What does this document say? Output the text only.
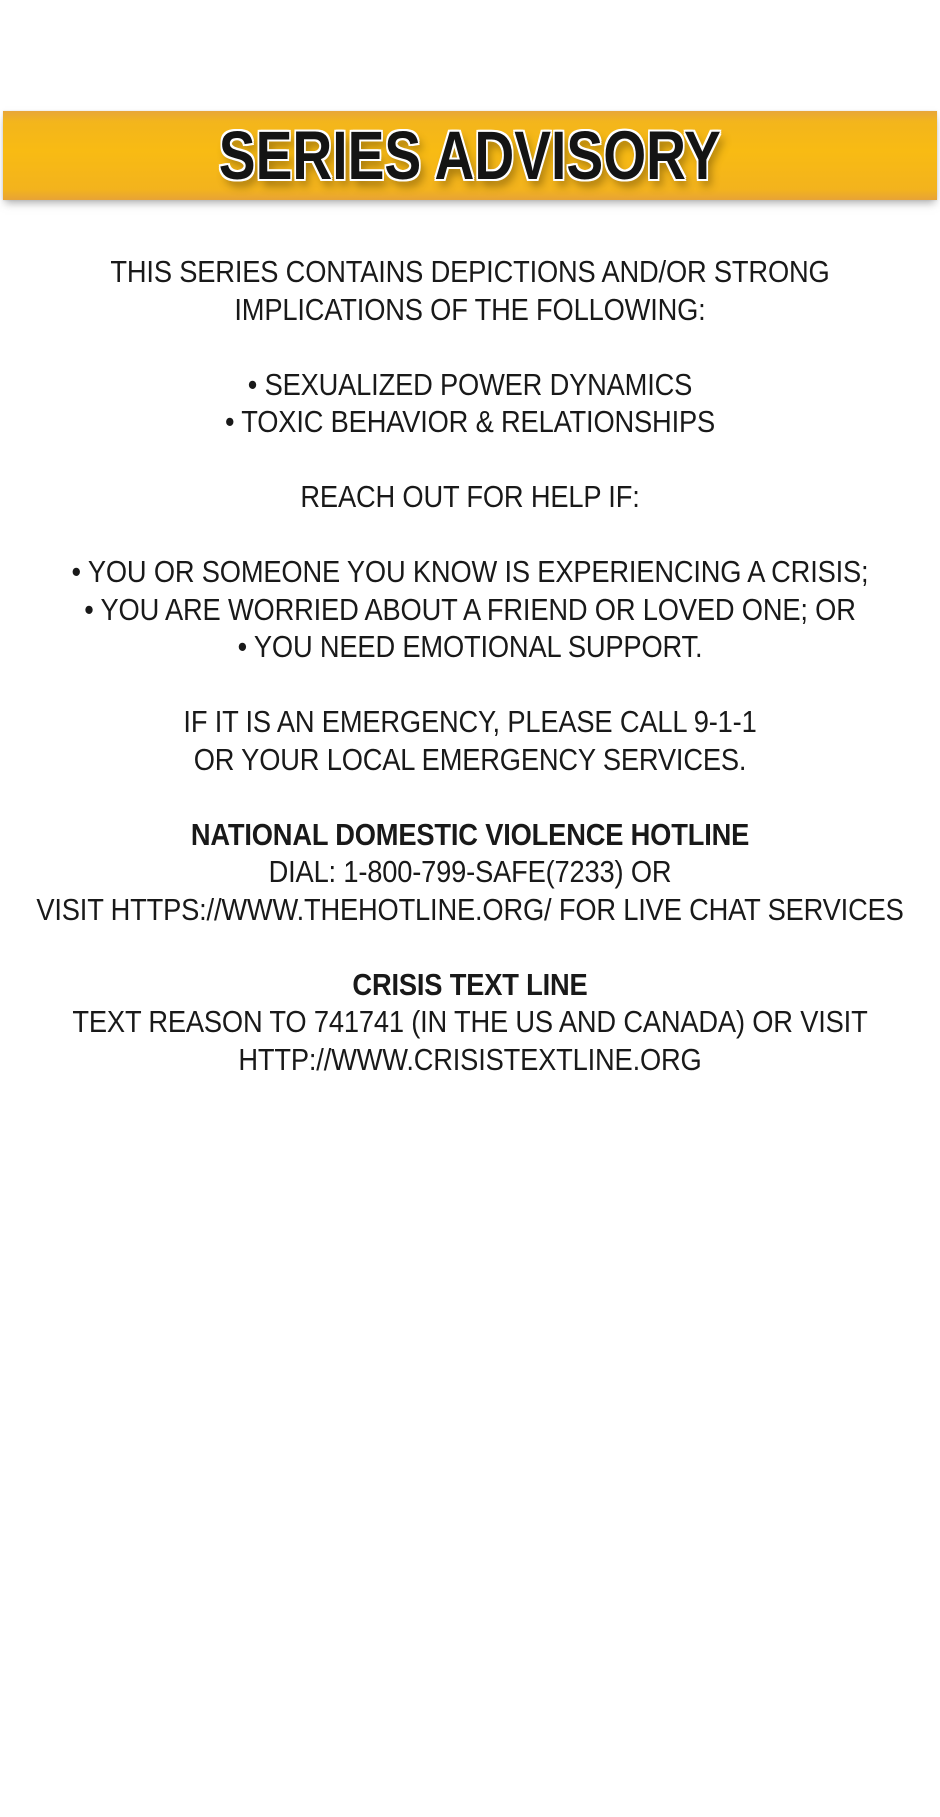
SERIES ADVISORY
THIS SERIES CONTAINS DEPICTIONS AND/OR STRONG
IMPLICATIONS OF THE FOLLOWING:
• SEXUALIZED POWER DYNAMICS
• TOXIC BEHAVIOR & RELATIONSHIPS
REACH OUT FOR HELP IF:
• YOU OR SOMEONE YOU KNOW IS EXPERIENCING A CRISIS;
• YOU ARE WORRIED ABOUT A FRIEND OR LOVED ONE; OR
• YOU NEED EMOTIONAL SUPPORT.
IF IT IS AN EMERGENCY, PLEASE CALL 9-1-1
OR YOUR LOCAL EMERGENCY SERVICES.
NATIONAL DOMESTIC VIOLENCE HOTLINE
DIAL: 1-800-799-SAFE(7233) OR
VISIT HTTPS://WWW.THEHOTLINE.ORG/ FOR LIVE CHAT SERVICES
CRISIS TEXT LINE
TEXT REASON TO 741741 (IN THE US AND CANADA) OR VISIT
HTTP://WWW.CRISISTEXTLINE.ORG
